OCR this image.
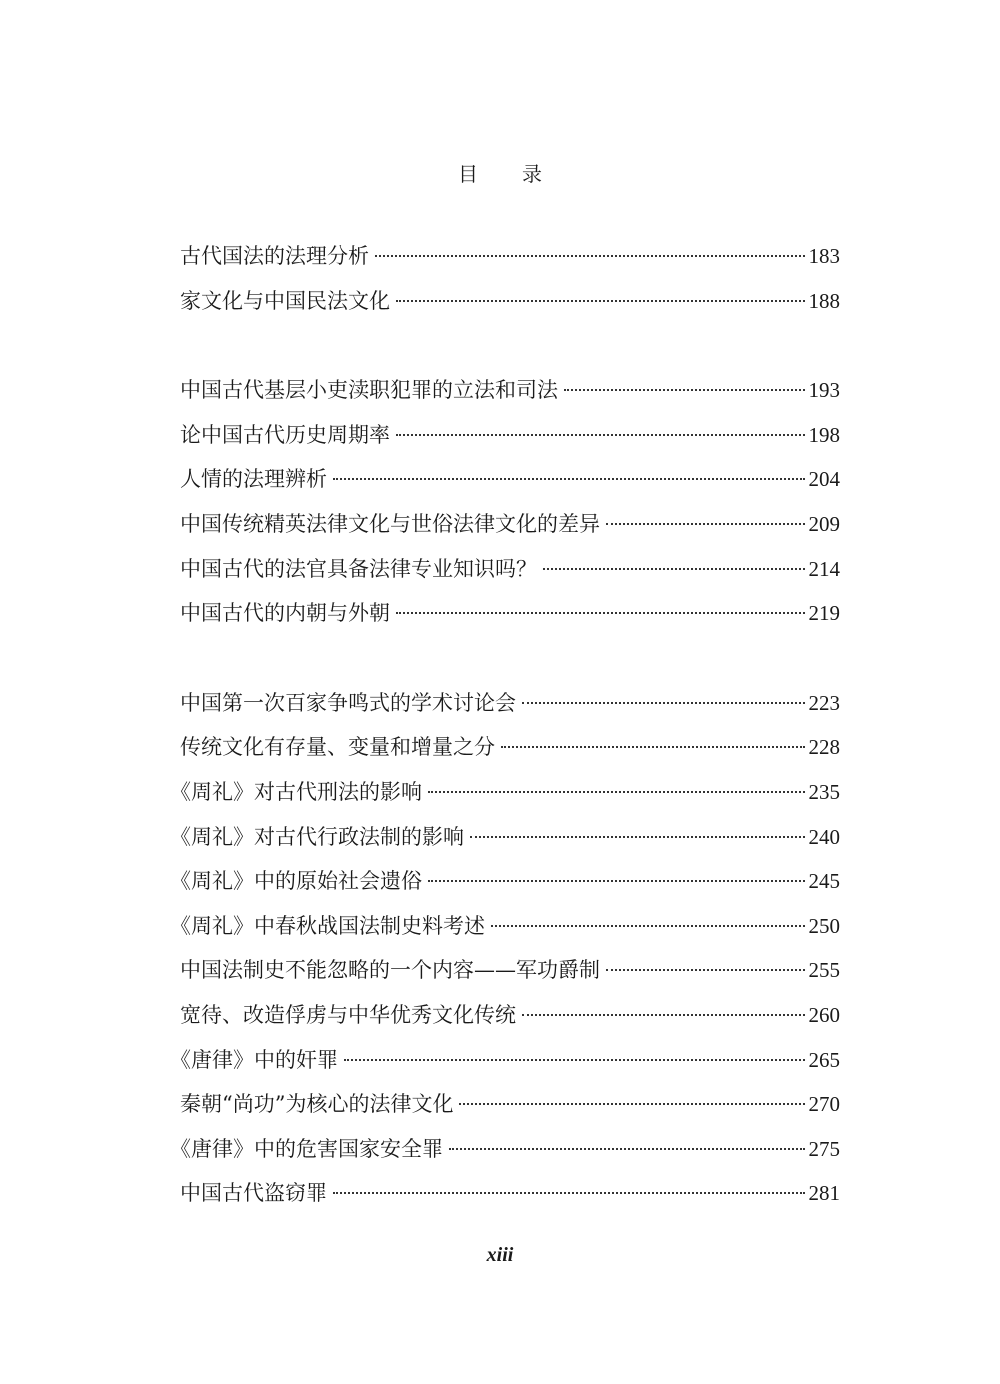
目 录
古代国法的法理分析	183
家文化与中国民法文化	188
中国古代基层小吏渎职犯罪的立法和司法	193
论中国古代历史周期率	198
人情的法理辨析	204
中国传统精英法律文化与世俗法律文化的差异	209
中国古代的法官具备法律专业知识吗？	214
中国古代的内朝与外朝	219
中国第一次百家争鸣式的学术讨论会	223
传统文化有存量、变量和增量之分	228
《周礼》对古代刑法的影响	235
《周礼》对古代行政法制的影响	240
《周礼》中的原始社会遗俗	245
《周礼》中春秋战国法制史料考述	250
中国法制史不能忽略的一个内容——军功爵制	255
宽待、改造俘虏与中华优秀文化传统	260
《唐律》中的奸罪	265
秦朝“尚功”为核心的法律文化	270
《唐律》中的危害国家安全罪	275
中国古代盗窃罪	281
xiii
